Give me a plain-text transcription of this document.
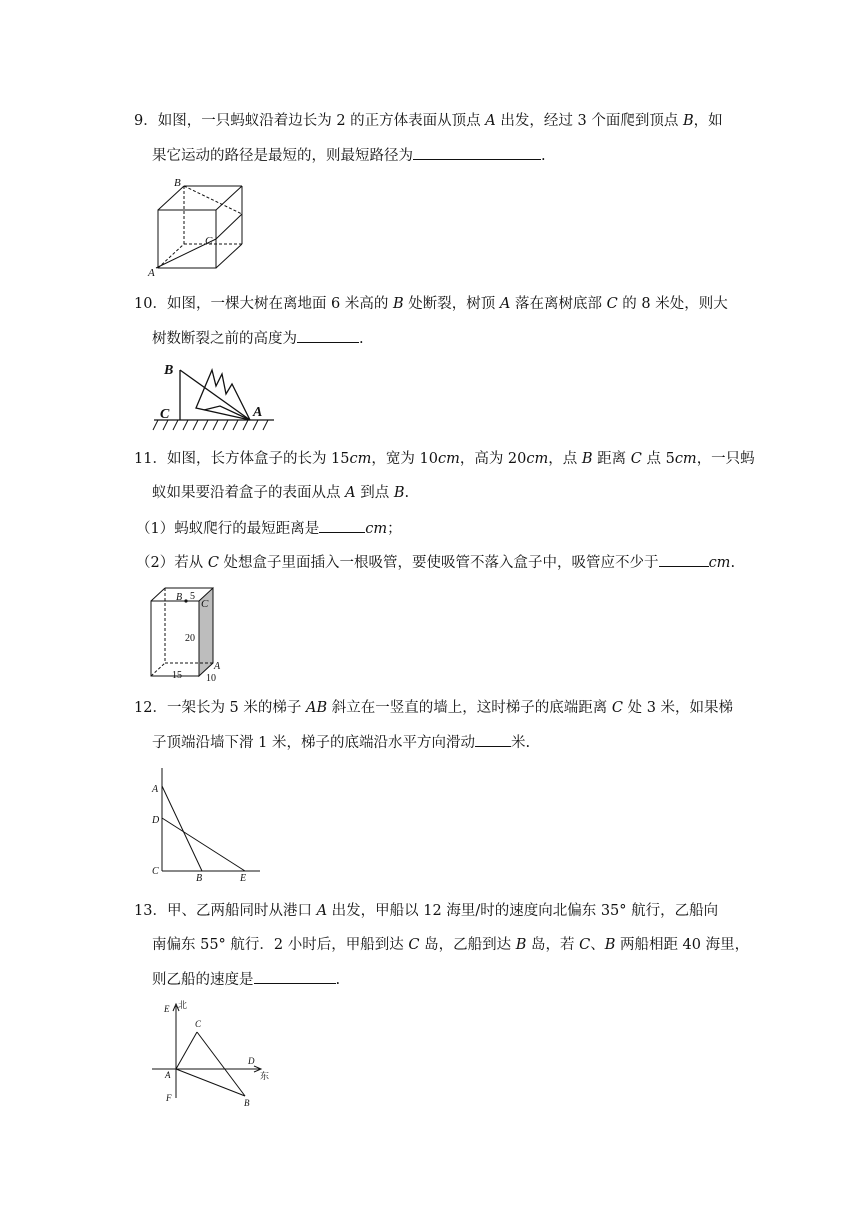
9．如图，一只蚂蚁沿着边长为 2 的正方体表面从顶点 A 出发，经过 3 个面爬到顶点 B，如
果它运动的路径是最短的，则最短路径为	.
B
C
A
10．如图，一棵大树在离地面 6 米高的 B 处断裂，树顶 A 落在离树底部 C 的 8 米处，则大
树数断裂之前的高度为	.
B
C	A
11．如图，长方体盒子的长为 15cm，宽为 10cm，高为 20cm，点 B 距离 C 点 5cm，一只蚂
蚁如果要沿着盒子的表面从点 A 到点 B.
（1）蚂蚁爬行的最短距离是	cm；
（2）若从 C 处想盒子里面插入一根吸管，要使吸管不落入盒子中，吸管应不少于	cm.
B 5
C
20
A
15 10
12．一架长为 5 米的梯子 AB 斜立在一竖直的墙上，这时梯子的底端距离 C 处 3 米，如果梯
子顶端沿墙下滑 1 米，梯子的底端沿水平方向滑动 米.
A
D
C
B	E
13．甲、乙两船同时从港口 A 出发，甲船以 12 海里/时的速度向北偏东 35° 航行，乙船向
南偏东 55° 航行．2 小时后，甲船到达 C 岛，乙船到达 B 岛，若 C、B 两船相距 40 海里，
则乙船的速度是	.
E 北
C
D
东
A
F	B
